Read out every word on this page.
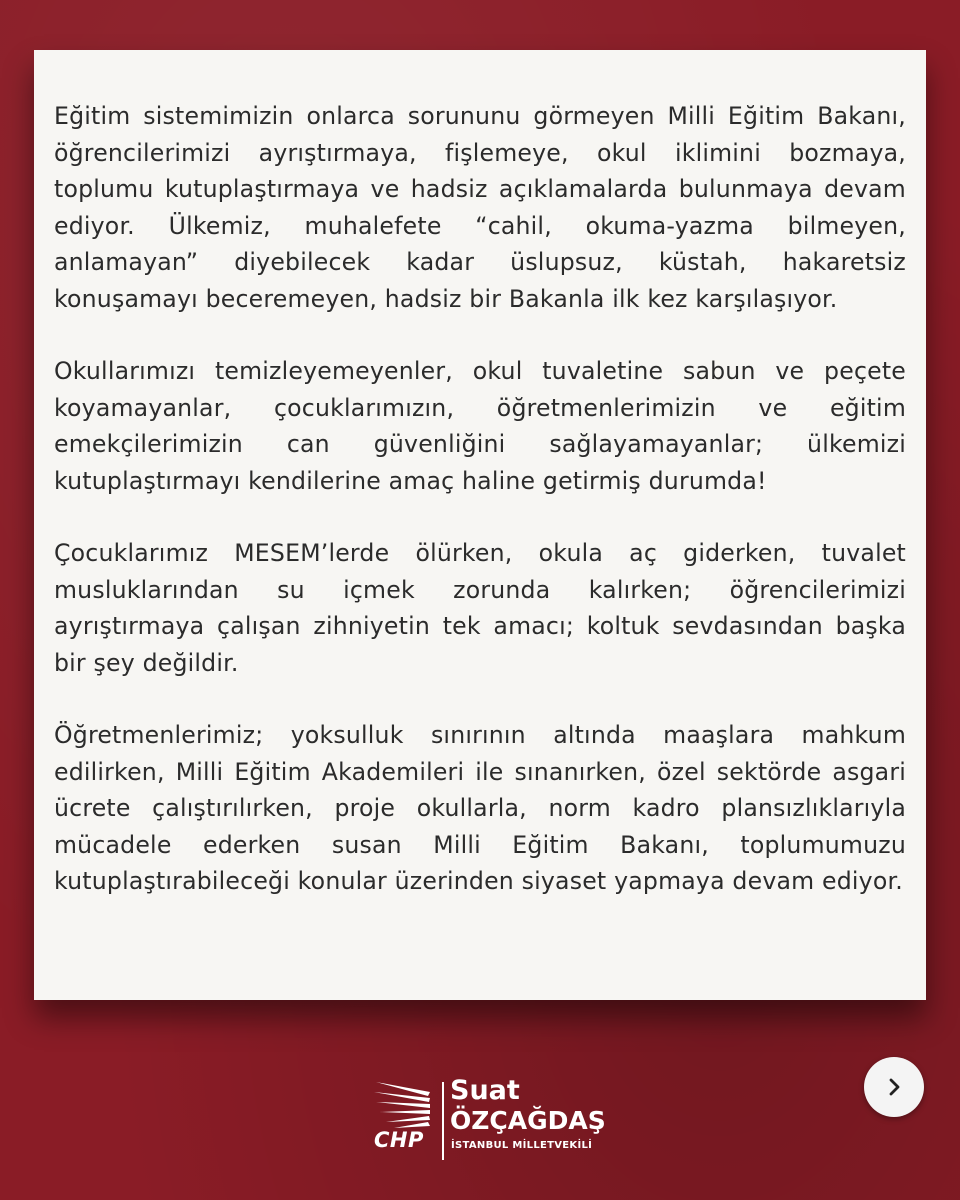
Eğitim sistemimizin onlarca sorununu görmeyen Milli Eğitim Bakanı, öğrencilerimizi ayrıştırmaya, fişlemeye, okul iklimini bozmaya, toplumu kutuplaştırmaya ve hadsiz açıklamalarda bulunmaya devam ediyor. Ülkemiz, muhalefete “cahil, okuma-yazma bilmeyen, anlamayan” diyebilecek kadar üslupsuz, küstah, hakaretsiz konuşamayı beceremeyen, hadsiz bir Bakanla ilk kez karşılaşıyor.

Okullarımızı temizleyemeyenler, okul tuvaletine sabun ve peçete koyamayanlar, çocuklarımızın, öğretmenlerimizin ve eğitim emekçilerimizin can güvenliğini sağlayamayanlar; ülkemizi kutuplaştırmayı kendilerine amaç haline getirmiş durumda!

Çocuklarımız MESEM’lerde ölürken, okula aç giderken, tuvalet musluklarından su içmek zorunda kalırken; öğrencilerimizi ayrıştırmaya çalışan zihniyetin tek amacı; koltuk sevdasından başka bir şey değildir.

Öğretmenlerimiz; yoksulluk sınırının altında maaşlara mahkum edilirken, Milli Eğitim Akademileri ile sınanırken, özel sektörde asgari ücrete çalıştırılırken, proje okullarla, norm kadro plansızlıklarıyla mücadele ederken susan Milli Eğitim Bakanı, toplumumuzu kutuplaştırabileceği konular üzerinden siyaset yapmaya devam ediyor.

CHP
Suat
ÖZÇAĞDAŞ
İSTANBUL MİLLETVEKİLİ
